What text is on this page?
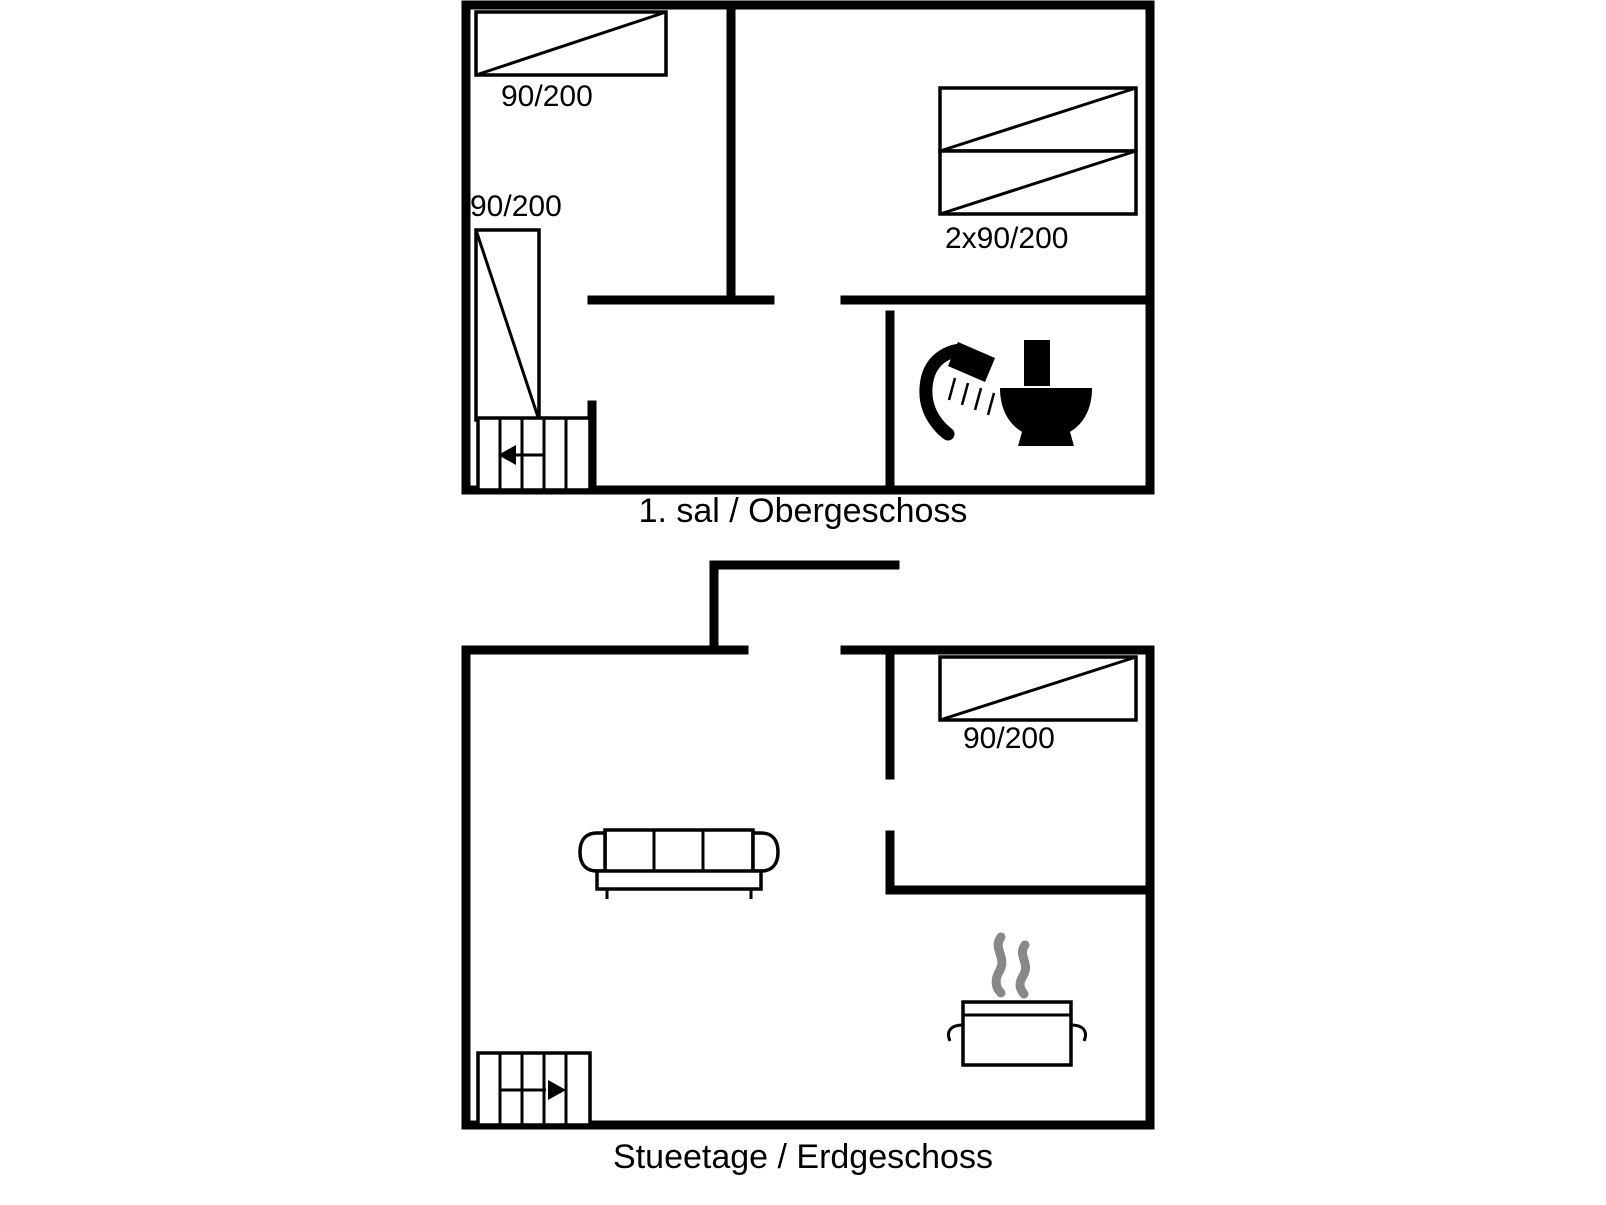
1. sal / Obergeschoss
90/200
90/200
2x90/200
Stueetage / Erdgeschoss
90/200
